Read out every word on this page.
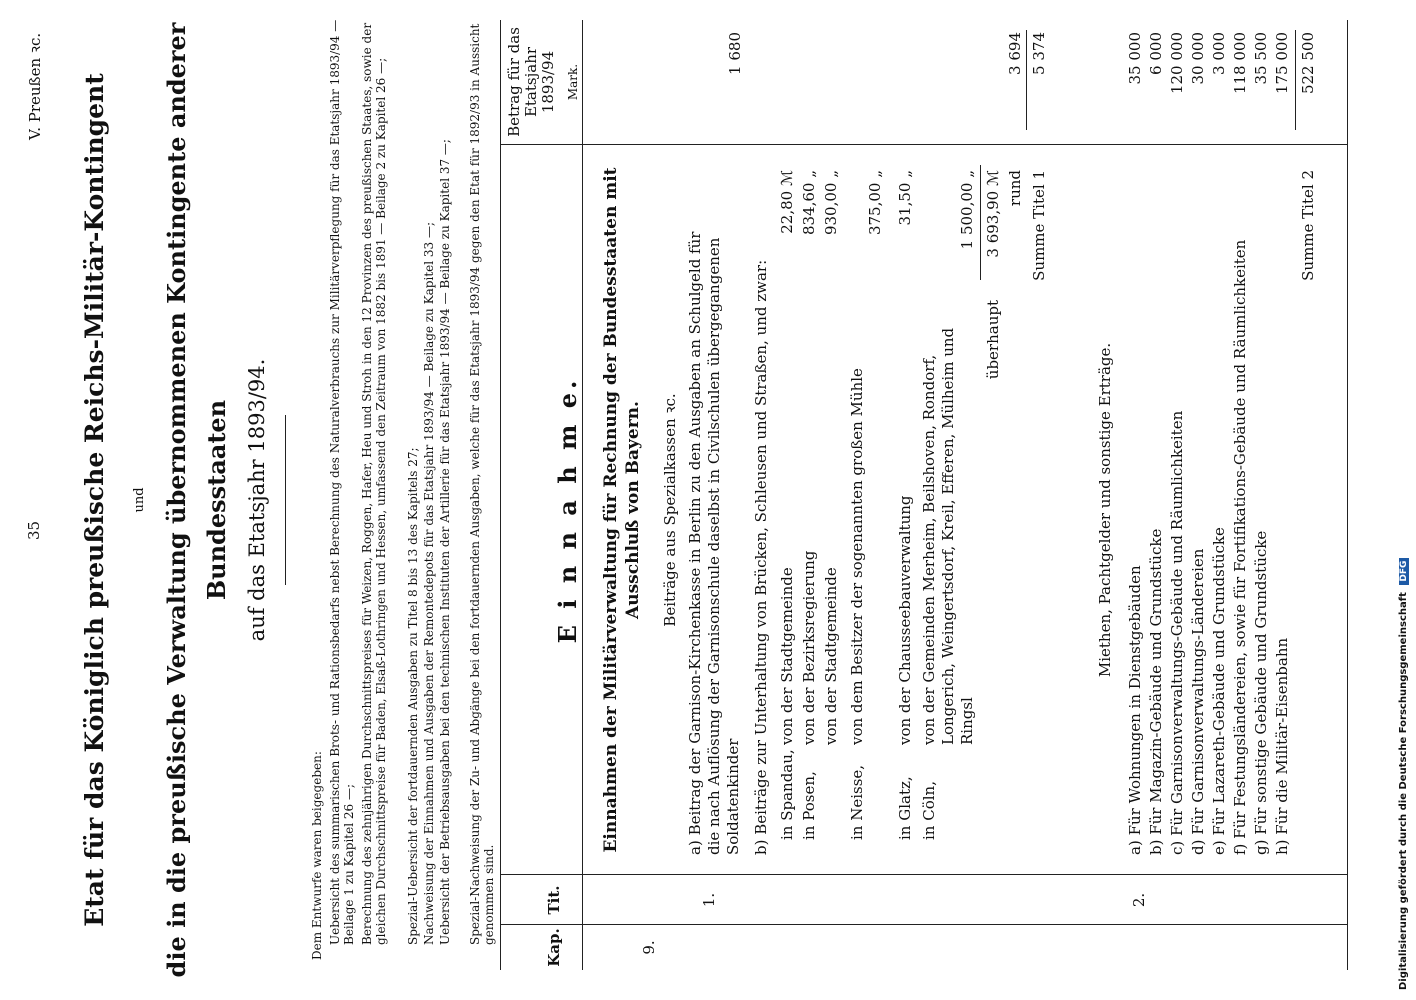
35
V. Preußen ꝛc. Etat für das Königlich preußische Reichs-Militär-Kontingent und die in die preußische Verwaltung übernommenen Kontingente anderer Bundesstaaten auf das Etatsjahr 1893/94.
Dem Entwurfe waren beigegeben: Uebersicht des summarischen Brots- und Rationsbedarfs nebst Berechnung des Naturalverbrauchs zur Militärverpflegung für das Etatsjahr 1893/94 — Beilage 1 zu Kapitel 26 —; Berechnung des zehnjährigen Durchschnittspreises für Weizen, Roggen, Hafer, Heu und Stroh in den 12 Provinzen des preußischen Staates, sowie der gleichen Durchschnittspreise für Baden, Elsaß-Lothringen und Hessen, umfassend den Zeitraum von 1882 bis 1891 — Beilage 2 zu Kapitel 26 —; Spezial-Uebersicht der fortdauernden Ausgaben zu Titel 8 bis 13 des Kapitels 27; Nachweisung der Einnahmen und Ausgaben der Remontedepots für das Etatsjahr 1893/94 — Beilage zu Kapitel 33 —; Uebersicht der Betriebsausgaben bei den technischen Instituten der Artillerie für das Etatsjahr 1893/94 — Beilage zu Kapitel 37 —; Spezial-Nachweisung der Zu- und Abgänge bei den fortdauernden Ausgaben, welche für das Etatsjahr 1893/94 gegen den Etat für 1892/93 in Aussicht genommen sind.
Kap.
Tit.
E i n n a h m e.
Betrag für das Etatsjahr 1893/94 Mark.
9.
Einnahmen der Militärverwaltung für Rechnung der Bundesstaaten mit Ausschluß von Bayern.
1.
Beiträge aus Spezialkassen ꝛc. a) Beitrag der Garnison-Kirchenkasse in Berlin zu den Ausgaben an Schulgeld für die nach Auflösung der Garnisonschule daselbst in Civilschulen übergegangenen Soldatenkinder
1 680
b) Beiträge zur Unterhaltung von Brücken, Schleusen und Straßen, und zwar: in Spandau,
von der Stadtgemeinde
22,80 ℳ
in Posen,
von der Bezirksregierung
834,60 „
von der Stadtgemeinde
930,00 „
in Neisse,
von dem Besitzer der sogenannten großen Mühle
375,00 „
in Glatz,
von der Chausseebauverwaltung
31,50 „
in Cöln,
von der Gemeinden Merheim, Beilshoven, Rondorf, Longerich, Weingertsdorf, Kreil, Efferen, Mülheim und Ringsl
1 500,00 „
überhaupt
3 693,90 ℳ rund
3 694
Summe Titel 1
5 374
2.
Miethen, Pachtgelder und sonstige Erträge.
a) Für Wohnungen in Dienstgebäuden
35 000
b) Für Magazin-Gebäude und Grundstücke
6 000
c) Für Garnisonverwaltungs-Gebäude und Räumlichkeiten
120 000
d) Für Garnisonverwaltungs-Ländereien
30 000
e) Für Lazareth-Gebäude und Grundstücke
3 000
f) Für Festungsländereien, sowie für Fortifikations-Gebäude und Räumlichkeiten
118 000
g) Für sonstige Gebäude und Grundstücke
35 500
h) Für die Militär-Eisenbahn
175 000
Summe Titel 2
522 500
Digitalisierung gefördert durch die Deutsche Forschungsgemeinschaft DFG
